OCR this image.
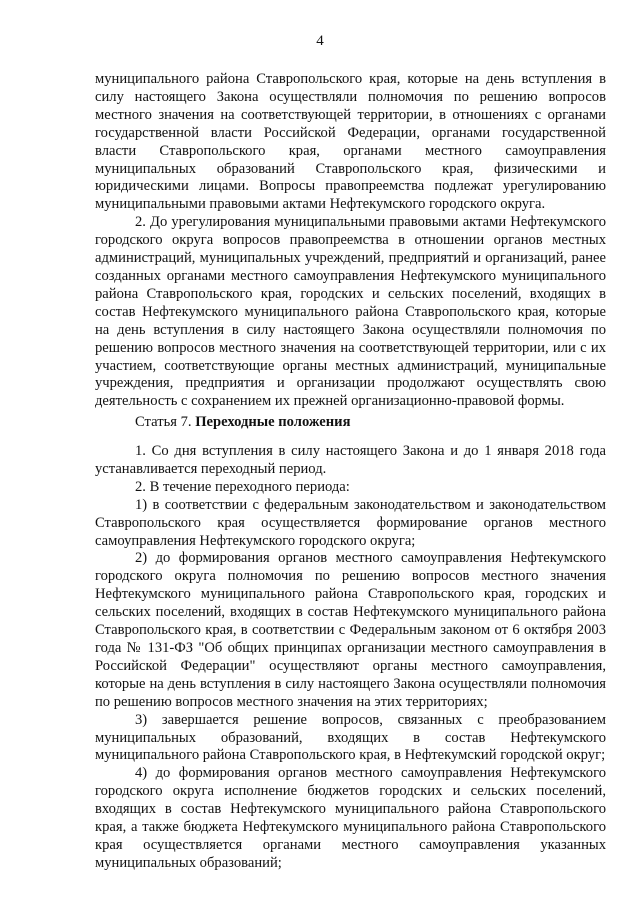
4

муниципального района Ставропольского края, которые на день вступления в силу настоящего Закона осуществляли полномочия по решению вопросов местного значения на соответствующей территории, в отношениях с органами государственной власти Российской Федерации, органами государственной власти Ставропольского края, органами местного самоуправления муниципальных образований Ставропольского края, физическими и юридическими лицами. Вопросы правопреемства подлежат урегулированию муниципальными правовыми актами Нефтекумского городского округа.

2. До урегулирования муниципальными правовыми актами Нефтекумского городского округа вопросов правопреемства в отношении органов местных администраций, муниципальных учреждений, предприятий и организаций, ранее созданных органами местного самоуправления Нефтекумского муниципального района Ставропольского края, городских и сельских поселений, входящих в состав Нефтекумского муниципального района Ставропольского края, которые на день вступления в силу настоящего Закона осуществляли полномочия по решению вопросов местного значения на соответствующей территории, или с их участием, соответствующие органы местных администраций, муниципальные учреждения, предприятия и организации продолжают осуществлять свою деятельность с сохранением их прежней организационно-правовой формы.

Статья 7. Переходные положения

1. Со дня вступления в силу настоящего Закона и до 1 января 2018 года устанавливается переходный период.

2. В течение переходного периода:

1) в соответствии с федеральным законодательством и законодательством Ставропольского края осуществляется формирование органов местного самоуправления Нефтекумского городского округа;

2) до формирования органов местного самоуправления Нефтекумского городского округа полномочия по решению вопросов местного значения Нефтекумского муниципального района Ставропольского края, городских и сельских поселений, входящих в состав Нефтекумского муниципального района Ставропольского края, в соответствии с Федеральным законом от 6 октября 2003 года № 131-ФЗ "Об общих принципах организации местного самоуправления в Российской Федерации" осуществляют органы местного самоуправления, которые на день вступления в силу настоящего Закона осуществляли полномочия по решению вопросов местного значения на этих территориях;

3) завершается решение вопросов, связанных с преобразованием муниципальных образований, входящих в состав Нефтекумского муниципального района Ставропольского края, в Нефтекумский городской округ;

4) до формирования органов местного самоуправления Нефтекумского городского округа исполнение бюджетов городских и сельских поселений, входящих в состав Нефтекумского муниципального района Ставропольского края, а также бюджета Нефтекумского муниципального района Ставропольского края осуществляется органами местного самоуправления указанных муниципальных образований;
